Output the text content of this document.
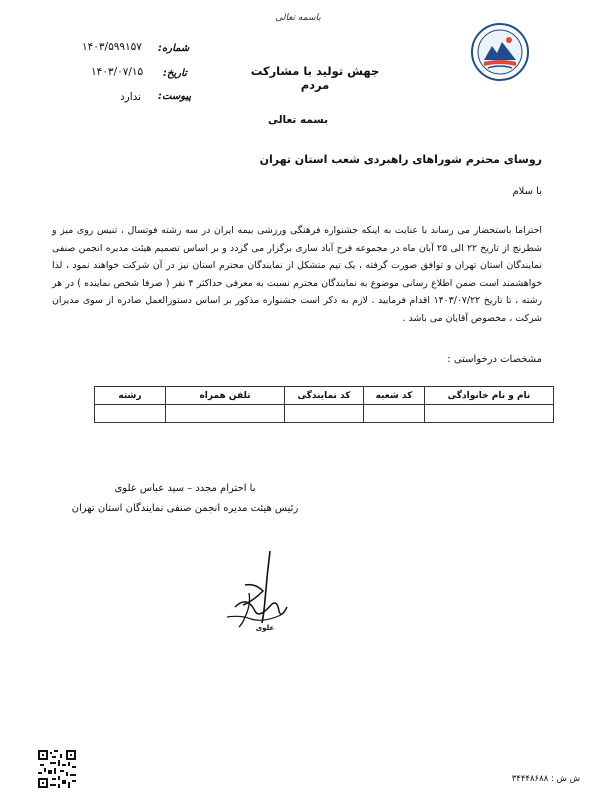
باسمه تعالی
شماره:
۱۴۰۳/۵۹۹۱۵۷
تاریخ:
۱۴۰۳/۰۷/۱۵
پیوست:
ندارد
جهش تولید با مشارکت مردم
بسمه تعالی
روسای محترم شوراهای راهبردی شعب استان تهران
با سلام
احتراما باستحضار می رساند با عنایت به اینکه جشنواره فرهنگی ورزشی بیمه ایران در سه رشته فوتسال ، تنیس روی میز و شطرنج از تاریخ ۲۲ الی ۲۵ آبان ماه در مجموعه فرح آباد ساری برگزار می گردد و بر اساس تصمیم هیئت مدیره انجمن صنفی نمایندگان استان تهران و توافق صورت گرفته ، یک تیم متشکل از نمایندگان محترم استان نیز در آن شرکت خواهند نمود ، لذا خواهشمند است ضمن اطلاع رسانی موضوع به نمایندگان محترم نسبت به معرفی حداکثر ۴ نفر ( صرفا شخص نماینده ) در هر رشته ، تا تاریخ ۱۴۰۳/۰۷/۲۲ اقدام فرمایید . لازم به ذکر است جشنواره مذکور بر اساس دستورالعمل صادره از سوی مدیران شرکت ، مخصوص آقایان می باشد .
مشخصات درخواستی :
نام و نام خانوادگی	کد شعبه	کد نمایندگی	تلفن همراه	رشته

با احترام مجدد – سید عباس علوی
رئیس هیئت مدیره انجمن صنفی نمایندگان استان تهران
علوی
ش ش : ۳۴۴۴۸۶۸۸
